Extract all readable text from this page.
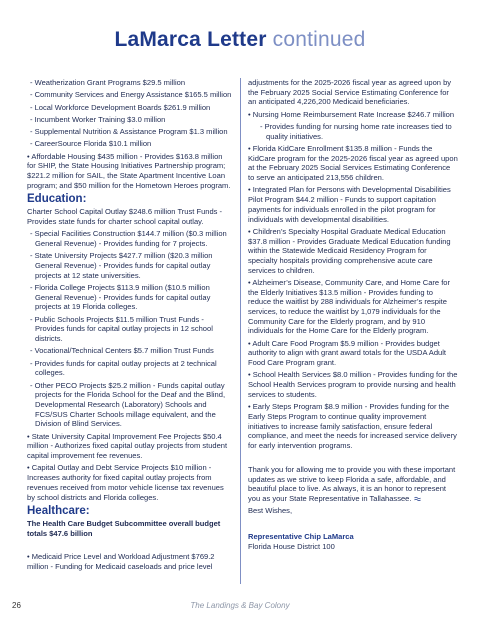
LaMarca Letter continued
- Weatherization Grant Programs $29.5 million
- Community Services and Energy Assistance $165.5 million
- Local Workforce Development Boards $261.9 million
- Incumbent Worker Training $3.0 million
- Supplemental Nutrition & Assistance Program $1.3 million
- CareerSource Florida $10.1 million
• Affordable Housing $435 million - Provides $163.8 million for SHIP, the State Housing Initiatives Partnership program; $221.2 million for SAIL, the State Apartment Incentive Loan program; and $50 million for the Hometown Heroes program.
Education:
Charter School Capital Outlay $248.6 million Trust Funds - Provides state funds for charter school capital outlay.
- Special Facilities Construction $144.7 million ($0.3 million General Revenue) - Provides funding for 7 projects.
- State University Projects $427.7 million ($20.3 million General Revenue) - Provides funds for capital outlay projects at 12 state universities.
- Florida College Projects $113.9 million ($10.5 million General Revenue) - Provides funds for capital outlay projects at 19 Florida colleges.
- Public Schools Projects $11.5 million Trust Funds - Provides funds for capital outlay projects in 12 school districts.
- Vocational/Technical Centers $5.7 million Trust Funds
- Provides funds for capital outlay projects at 2 technical colleges.
- Other PECO Projects $25.2 million - Funds capital outlay projects for the Florida School for the Deaf and the Blind, Developmental Research (Laboratory) Schools and FCS/SUS Charter Schools millage equivalent, and the Division of Blind Services.
• State University Capital Improvement Fee Projects $50.4 million - Authorizes fixed capital outlay projects from student capital improvement fee revenues.
• Capital Outlay and Debt Service Projects $10 million - Increases authority for fixed capital outlay projects from revenues received from motor vehicle license tax revenues by school districts and Florida colleges.
Healthcare:
The Health Care Budget Subcommittee overall budget totals $47.6 billion
• Medicaid Price Level and Workload Adjustment $769.2 million - Funding for Medicaid caseloads and price level
adjustments for the 2025-2026 fiscal year as agreed upon by the February 2025 Social Service Estimating Conference for an anticipated 4,226,200 Medicaid beneficiaries.
• Nursing Home Reimbursement Rate Increase $246.7 million
- Provides funding for nursing home rate increases tied to quality initiatives.
• Florida KidCare Enrollment $135.8 million - Funds the KidCare program for the 2025-2026 fiscal year as agreed upon at the February 2025 Social Services Estimating Conference to serve an anticipated 213,556 children.
• Integrated Plan for Persons with Developmental Disabilities Pilot Program $44.2 million - Funds to support capitation payments for individuals enrolled in the pilot program for individuals with developmental disabilities.
• Children’s Specialty Hospital Graduate Medical Education $37.8 million - Provides Graduate Medical Education funding within the Statewide Medicaid Residency Program for specialty hospitals providing comprehensive acute care services to children.
• Alzheimer’s Disease, Community Care, and Home Care for the Elderly Initiatives $13.5 million - Provides funding to reduce the waitlist by 288 individuals for Alzheimer’s respite services, to reduce the waitlist by 1,079 individuals for the Community Care for the Elderly program, and by 910 individuals for the Home Care for the Elderly program.
• Adult Care Food Program $5.9 million - Provides budget authority to align with grant award totals for the USDA Adult Food Care Program grant.
• School Health Services $8.0 million - Provides funding for the School Health Services program to provide nursing and health services to students.
• Early Steps Program $8.9 million - Provides funding for the Early Steps Program to continue quality improvement initiatives to increase family satisfaction, ensure federal compliance, and meet the needs for increased service delivery for early intervention programs.
Thank you for allowing me to provide you with these important updates as we strive to keep Florida a safe, affordable, and beautiful place to live. As always, it is an honor to represent you as your State Representative in Tallahassee.
Best Wishes,
Representative Chip LaMarca
Florida House District 100
26	The Landings & Bay Colony
